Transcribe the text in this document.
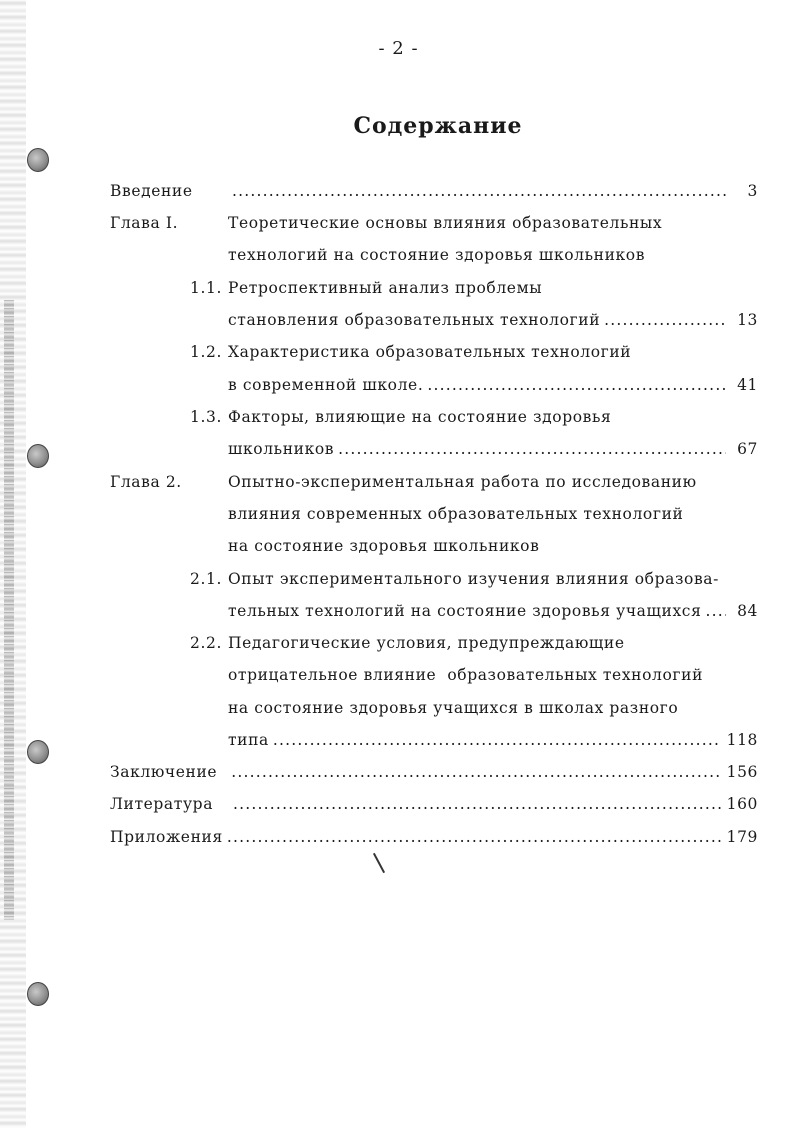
- 2 -
Содержание
Введение .....	3
Глава I.	Теоретические основы влияния образовательных
технологий на состояние здоровья школьников
1.1. Ретроспективный анализ проблемы
становления образовательных технологий .....	13
1.2. Характеристика образовательных технологий
в современной школе. .....	41
1.3. Факторы, влияющие на состояние здоровья
школьников .....	67
Глава 2.	Опытно-экспериментальная работа по исследованию
влияния современных образовательных технологий
на состояние здоровья школьников
2.1. Опыт экспериментального изучения влияния образова-
тельных технологий на состояние здоровья учащихся .....	84
2.2. Педагогические условия, предупреждающие
отрицательное влияние  образовательных технологий
на состояние здоровья учащихся в школах разного
типа .....	118
Заключение .....	156
Литература .....	160
Приложения .....	179
